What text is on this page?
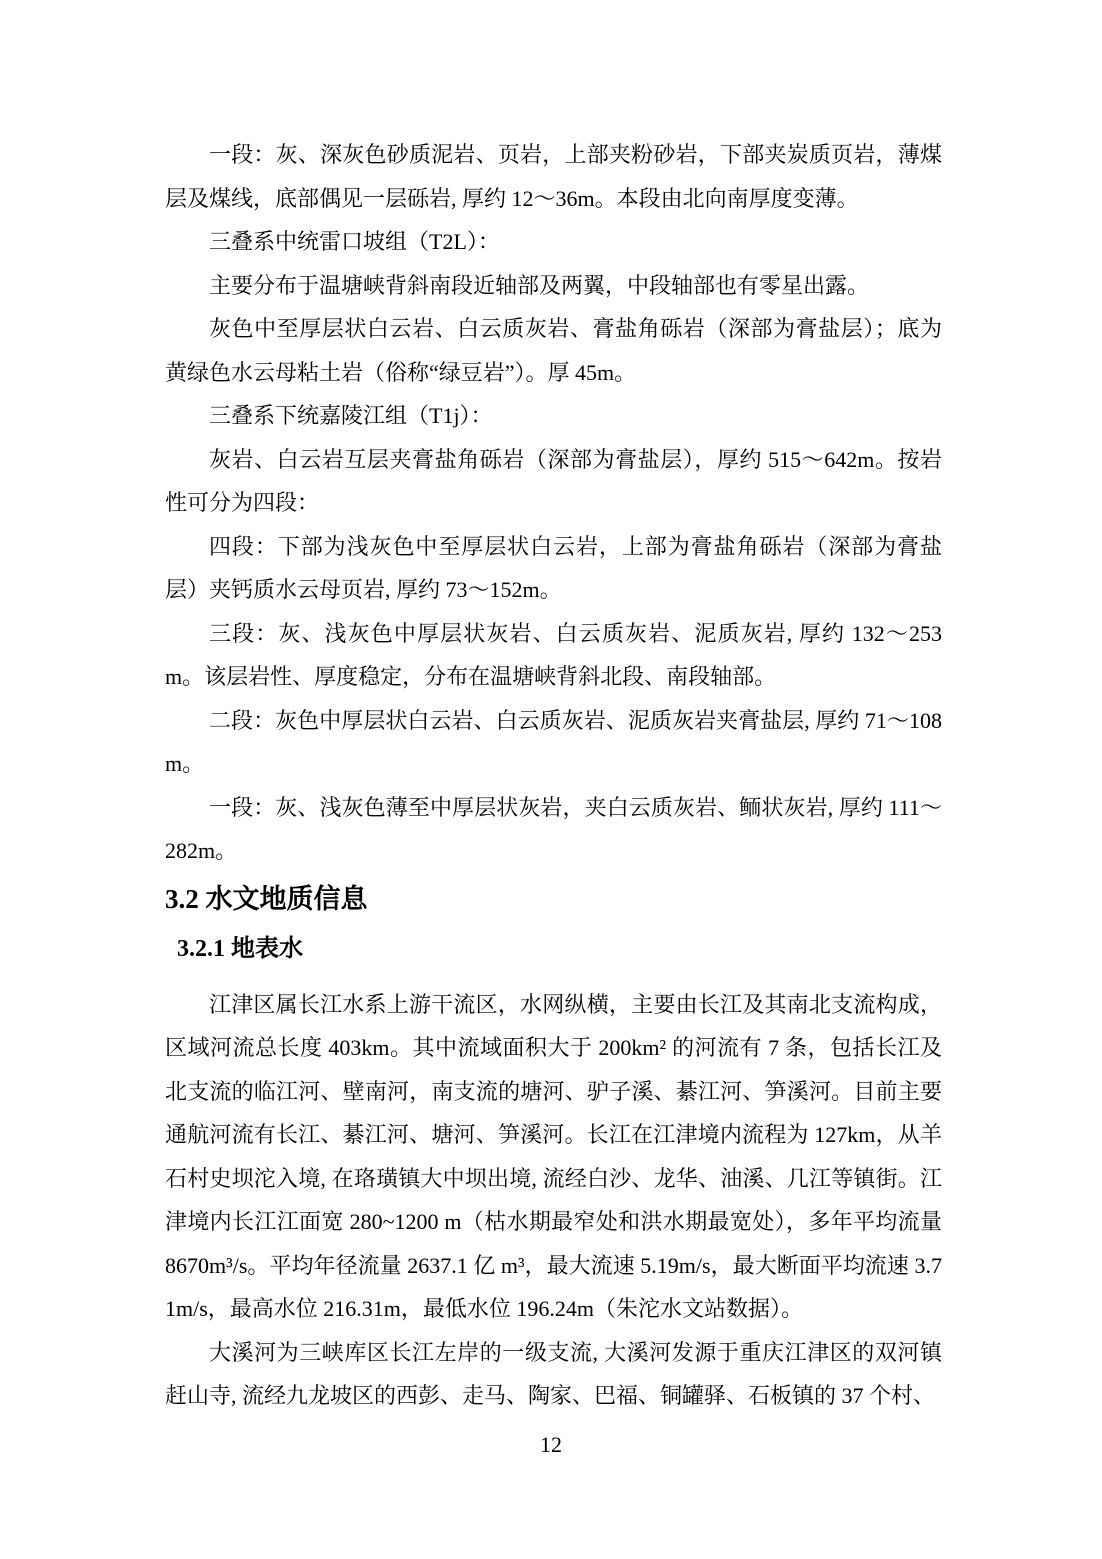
一段：灰、深灰色砂质泥岩、页岩，上部夹粉砂岩，下部夹炭质页岩，薄煤层及煤线，底部偶见一层砾岩, 厚约 12～36m。本段由北向南厚度变薄。

三叠系中统雷口坡组（T2L）：

主要分布于温塘峡背斜南段近轴部及两翼，中段轴部也有零星出露。

灰色中至厚层状白云岩、白云质灰岩、膏盐角砾岩（深部为膏盐层）；底为黄绿色水云母粘土岩（俗称“绿豆岩”）。厚 45m。

三叠系下统嘉陵江组（T1j）：

灰岩、白云岩互层夹膏盐角砾岩（深部为膏盐层），厚约 515～642m。按岩性可分为四段：

四段：下部为浅灰色中至厚层状白云岩，上部为膏盐角砾岩（深部为膏盐层）夹钙质水云母页岩, 厚约 73～152m。

三段：灰、浅灰色中厚层状灰岩、白云质灰岩、泥质灰岩, 厚约 132～253m。该层岩性、厚度稳定，分布在温塘峡背斜北段、南段轴部。

二段：灰色中厚层状白云岩、白云质灰岩、泥质灰岩夹膏盐层, 厚约 71～108m。

一段：灰、浅灰色薄至中厚层状灰岩，夹白云质灰岩、鲕状灰岩, 厚约 111～282m。

3.2 水文地质信息
3.2.1 地表水

江津区属长江水系上游干流区，水网纵横，主要由长江及其南北支流构成，区域河流总长度 403km。其中流域面积大于 200km² 的河流有 7 条，包括长江及北支流的临江河、壁南河，南支流的塘河、驴子溪、綦江河、笋溪河。目前主要通航河流有长江、綦江河、塘河、笋溪河。长江在江津境内流程为 127km，从羊石村史坝沱入境, 在珞璜镇大中坝出境, 流经白沙、龙华、油溪、几江等镇街。江津境内长江江面宽 280~1200 m（枯水期最窄处和洪水期最宽处），多年平均流量 8670m³/s。平均年径流量 2637.1 亿 m³，最大流速 5.19m/s，最大断面平均流速 3.71m/s，最高水位 216.31m，最低水位 196.24m（朱沱水文站数据）。

大溪河为三峡库区长江左岸的一级支流, 大溪河发源于重庆江津区的双河镇赶山寺, 流经九龙坡区的西彭、走马、陶家、巴福、铜罐驿、石板镇的 37 个村、

12
